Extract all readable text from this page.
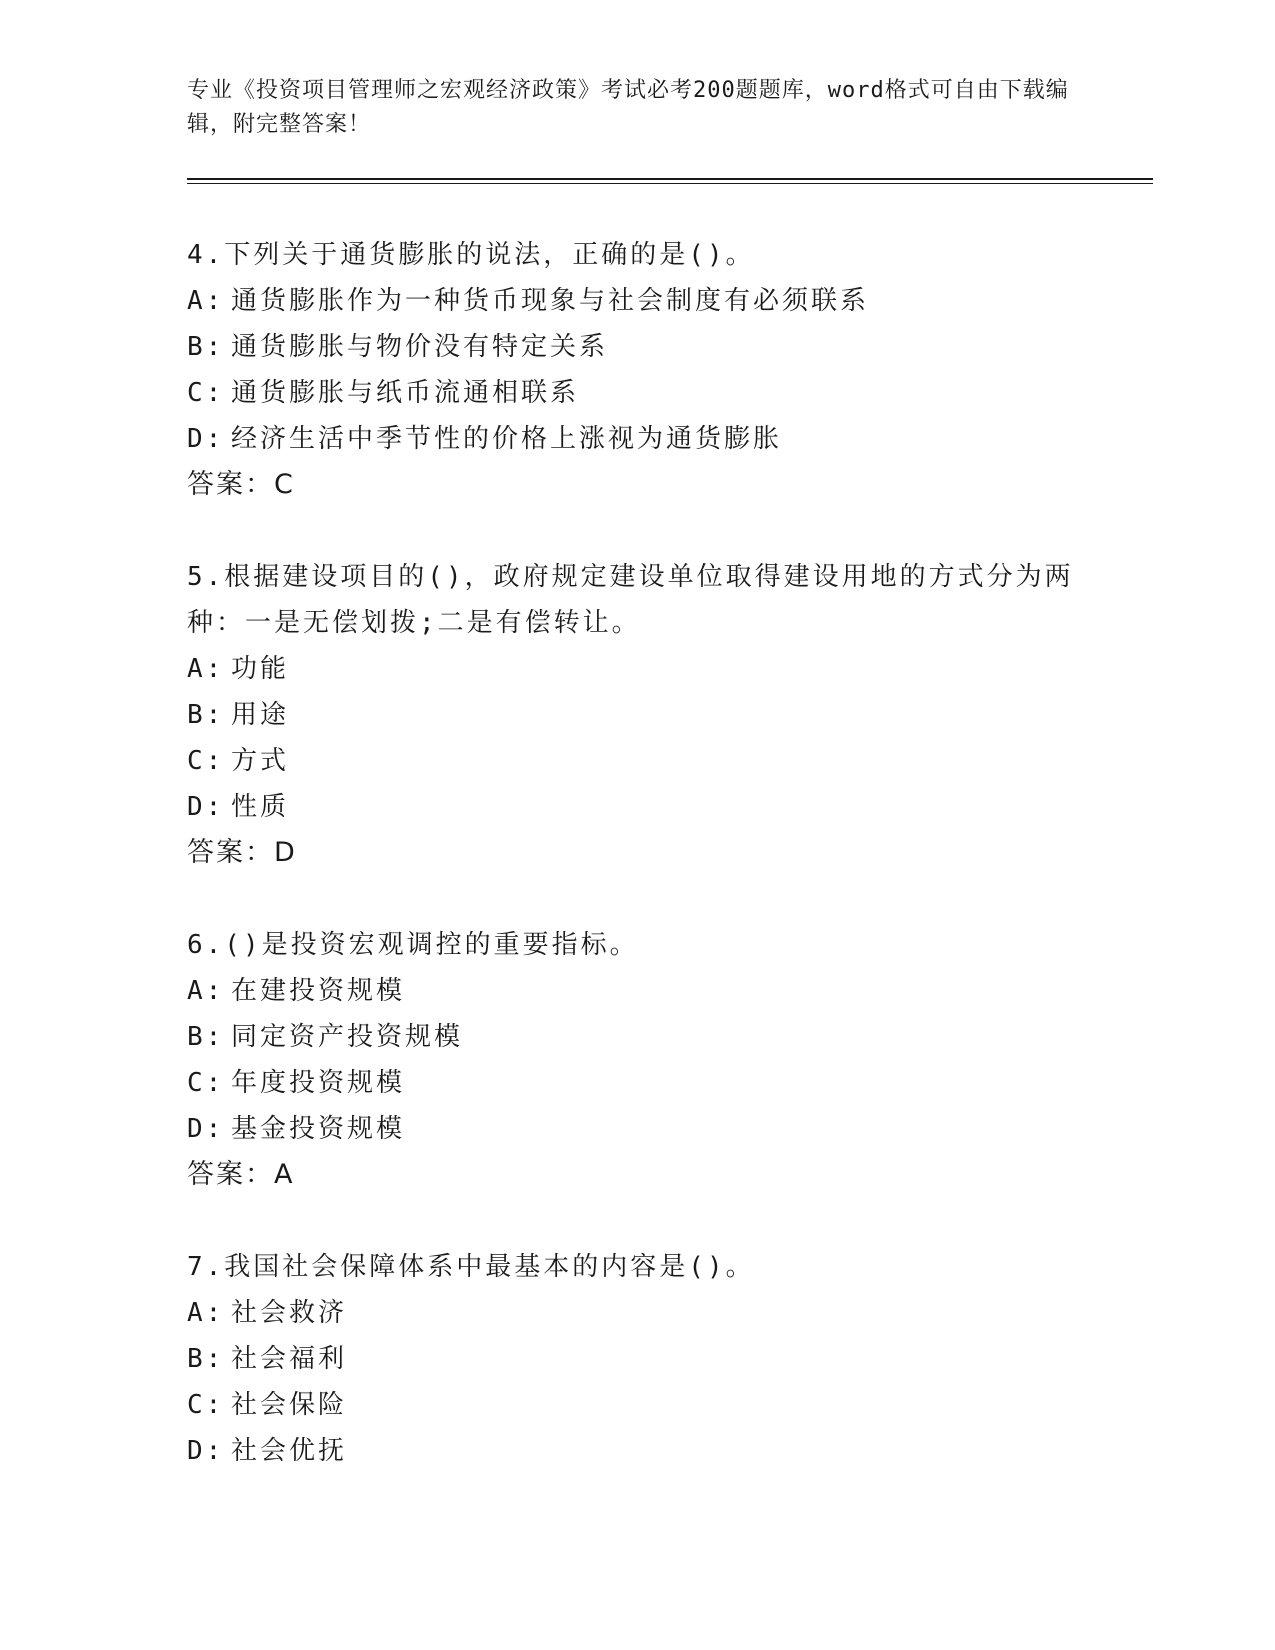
专业《投资项目管理师之宏观经济政策》考试必考200题题库，word格式可自由下载编辑，附完整答案！

4.下列关于通货膨胀的说法，正确的是()。

A: 通货膨胀作为一种货币现象与社会制度有必须联系
B: 通货膨胀与物价没有特定关系
C: 通货膨胀与纸币流通相联系
D: 经济生活中季节性的价格上涨视为通货膨胀
答案：C

5.根据建设项目的()，政府规定建设单位取得建设用地的方式分为两种：一是无偿划拨;二是有偿转让。

A: 功能
B: 用途
C: 方式
D: 性质
答案：D

6.()是投资宏观调控的重要指标。

A: 在建投资规模
B: 同定资产投资规模
C: 年度投资规模
D: 基金投资规模
答案：A

7.我国社会保障体系中最基本的内容是()。

A: 社会救济
B: 社会福利
C: 社会保险
D: 社会优抚
